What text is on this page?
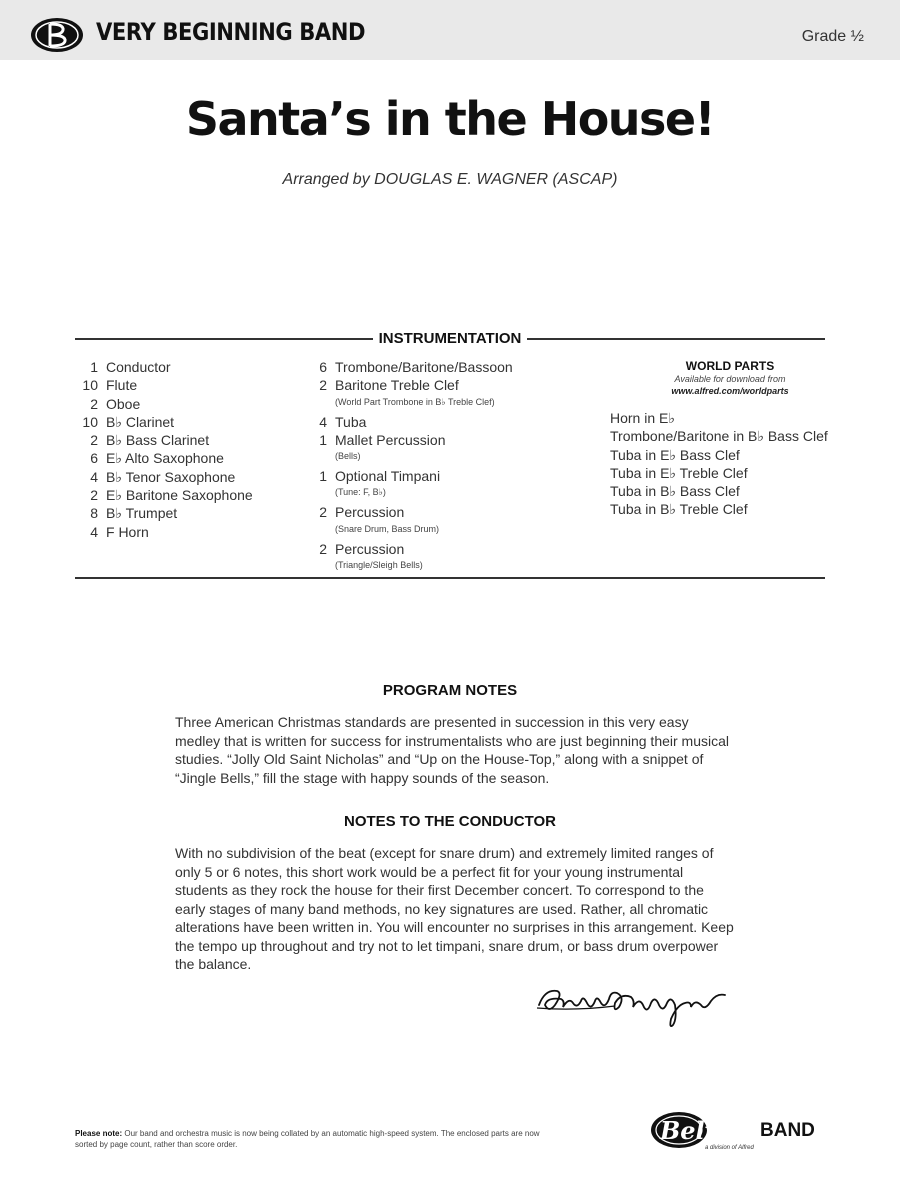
VERY BEGINNING BAND	Grade ½
Santa’s in the House!
Arranged by DOUGLAS E. WAGNER (ASCAP)
INSTRUMENTATION
1 Conductor
10 Flute
2 Oboe
10 B♭ Clarinet
2 B♭ Bass Clarinet
6 E♭ Alto Saxophone
4 B♭ Tenor Saxophone
2 E♭ Baritone Saxophone
8 B♭ Trumpet
4 F Horn
6 Trombone/Baritone/Bassoon
2 Baritone Treble Clef
(World Part Trombone in B♭ Treble Clef)
4 Tuba
1 Mallet Percussion
(Bells)
1 Optional Timpani
(Tune: F, B♭)
2 Percussion
(Snare Drum, Bass Drum)
2 Percussion
(Triangle/Sleigh Bells)
WORLD PARTS
Available for download from
www.alfred.com/worldparts
Horn in E♭
Trombone/Baritone in B♭ Bass Clef
Tuba in E♭ Bass Clef
Tuba in E♭ Treble Clef
Tuba in B♭ Bass Clef
Tuba in B♭ Treble Clef
PROGRAM NOTES
Three American Christmas standards are presented in succession in this very easy medley that is written for success for instrumentalists who are just beginning their musical studies. “Jolly Old Saint Nicholas” and “Up on the House-Top,” along with a snippet of “Jingle Bells,” fill the stage with happy sounds of the season.
NOTES TO THE CONDUCTOR
With no subdivision of the beat (except for snare drum) and extremely limited ranges of only 5 or 6 notes, this short work would be a perfect fit for your young instrumental students as they rock the house for their first December concert. To correspond to the early stages of many band methods, no key signatures are used. Rather, all chromatic alterations have been written in. You will encounter no surprises in this arrangement. Keep the tempo up throughout and try not to let timpani, snare drum, or bass drum overpower the balance.
Please note: Our band and orchestra music is now being collated by an automatic high-speed system. The enclosed parts are now sorted by page count, rather than score order.	Belwin BAND
a division of Alfred
